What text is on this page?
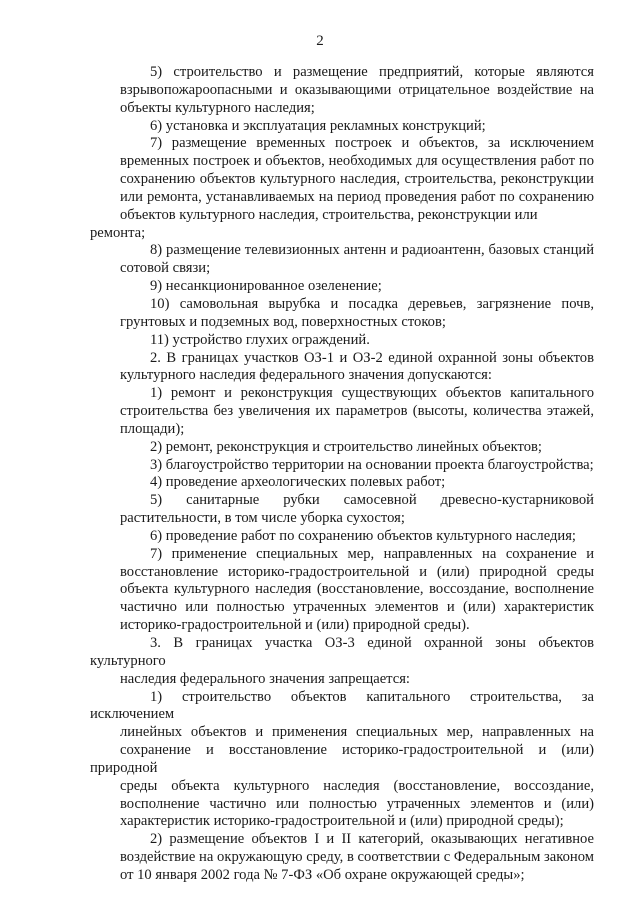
2

5) строительство и размещение предприятий, которые являются
взрывопожароопасными и оказывающими отрицательное воздействие на
объекты культурного наследия;

6) установка и эксплуатация рекламных конструкций;

7) размещение временных построек и объектов, за исключением
временных построек и объектов, необходимых для осуществления работ по
сохранению объектов культурного наследия, строительства, реконструкции
или ремонта, устанавливаемых на период проведения работ по сохранению
объектов культурного наследия, строительства, реконструкции или ремонта;

8) размещение телевизионных антенн и радиоантенн, базовых станций
сотовой связи;

9) несанкционированное озеленение;

10) самовольная вырубка и посадка деревьев, загрязнение почв,
грунтовых и подземных вод, поверхностных стоков;

11) устройство глухих ограждений.

2. В границах участков ОЗ-1 и ОЗ-2 единой охранной зоны объектов
культурного наследия федерального значения допускаются:

1) ремонт и реконструкция существующих объектов капитального
строительства без увеличения их параметров (высоты, количества этажей,
площади);

2) ремонт, реконструкция и строительство линейных объектов;

3) благоустройство территории на основании проекта благоустройства;

4) проведение археологических полевых работ;

5) санитарные рубки самосевной древесно-кустарниковой
растительности, в том числе уборка сухостоя;

6) проведение работ по сохранению объектов культурного наследия;

7) применение специальных мер, направленных на сохранение и
восстановление историко-градостроительной и (или) природной среды
объекта культурного наследия (восстановление, воссоздание, восполнение
частично или полностью утраченных элементов и (или) характеристик
историко-градостроительной и (или) природной среды).

3. В границах участка ОЗ-3 единой охранной зоны объектов культурного
наследия федерального значения запрещается:

1) строительство объектов капитального строительства, за исключением
линейных объектов и применения специальных мер, направленных на
сохранение и восстановление историко-градостроительной и (или) природной
среды объекта культурного наследия (восстановление, воссоздание,
восполнение частично или полностью утраченных элементов и (или)
характеристик историко-градостроительной и (или) природной среды);

2) размещение объектов I и II категорий, оказывающих негативное
воздействие на окружающую среду, в соответствии с Федеральным законом
от 10 января 2002 года № 7-ФЗ «Об охране окружающей среды»;
